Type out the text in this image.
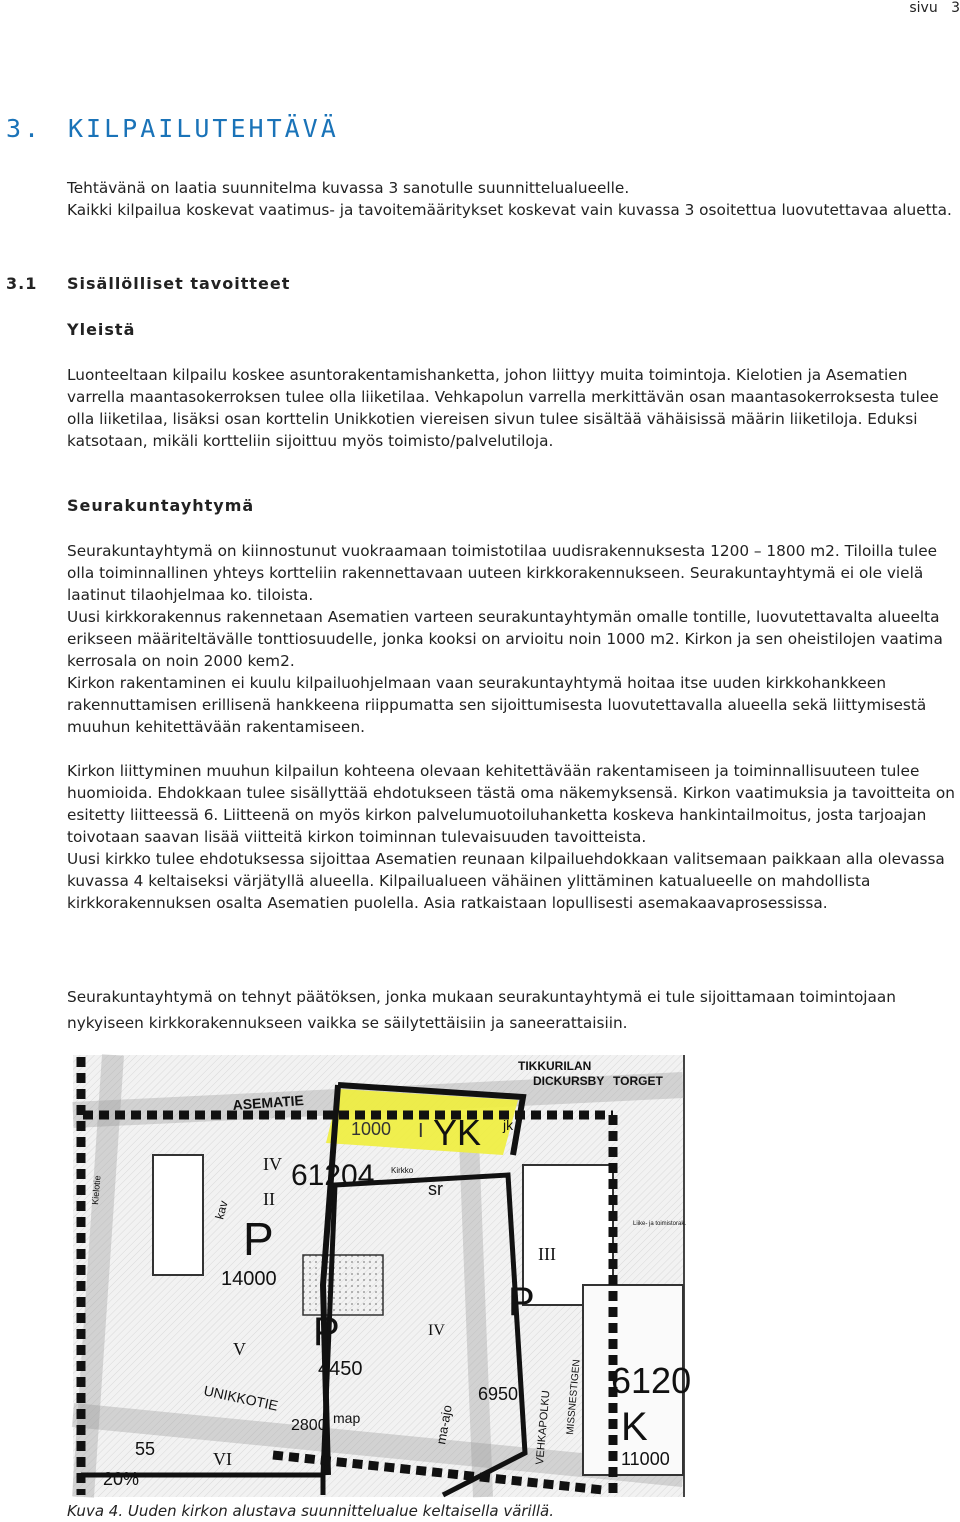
sivu 3
3. KILPAILUTEHTÄVÄ

Tehtävänä on laatia suunnitelma kuvassa 3 sanotulle suunnittelualueelle.

Kaikki kilpailua koskevat vaatimus- ja tavoitemääritykset koskevat vain kuvassa 3 osoitettua luovutettavaa aluetta.

3.1 Sisällölliset tavoitteet
Yleistä

Luonteeltaan kilpailu koskee asuntorakentamishanketta, johon liittyy muita toimintoja. Kielotien ja Asematien varrella maantasokerroksen tulee olla liiketilaa. Vehkapolun varrella merkittävän osan maantasokerroksesta tulee olla liiketilaa, lisäksi osan korttelin Unikkotien viereisen sivun tulee sisältää vähäisissä määrin liiketiloja. Eduksi katsotaan, mikäli kortteliin sijoittuu myös toimisto/palvelutiloja.

Seurakuntayhtymä

Seurakuntayhtymä on kiinnostunut vuokraamaan toimistotilaa uudisrakennuksesta 1200 – 1800 m2. Tiloilla tulee olla toiminnallinen yhteys kortteliin rakennettavaan uuteen kirkkorakennukseen. Seurakuntayhtymä ei ole vielä laatinut tilaohjelmaa ko. tiloista.

Uusi kirkkorakennus rakennetaan Asematien varteen seurakuntayhtymän omalle tontille, luovutettavalta alueelta erikseen määriteltävälle tonttiosuudelle, jonka kooksi on arvioitu noin 1000 m2. Kirkon ja sen oheistilojen vaatima kerrosala on noin 2000 kem2.

Kirkon rakentaminen ei kuulu kilpailuohjelmaan vaan seurakuntayhtymä hoitaa itse uuden kirkkohankkeen rakennuttamisen erillisenä hankkeena riippumatta sen sijoittumisesta luovutettavalla alueella sekä liittymisestä muuhun kehitettävään rakentamiseen.

Kirkon liittyminen muuhun kilpailun kohteena olevaan kehitettävään rakentamiseen ja toiminnallisuuteen tulee huomioida. Ehdokkaan tulee sisällyttää ehdotukseen tästä oma näkemyksensä. Kirkon vaatimuksia ja tavoitteita on esitetty liitteessä 6. Liitteenä on myös kirkon palvelumuotoiluhanketta koskeva hankintailmoitus, josta tarjoajan toivotaan saavan lisää viitteitä kirkon toiminnan tulevaisuuden tavoitteista.

Uusi kirkko tulee ehdotuksessa sijoittaa Asematien reunaan kilpailuehdokkaan valitsemaan paikkaan alla olevassa kuvassa 4 keltaiseksi värjätyllä alueella. Kilpailualueen vähäinen ylittäminen katualueelle on mahdollista kirkkorakennuksen osalta Asematien puolella. Asia ratkaistaan lopullisesti asemakaavaprosessissa.

Seurakuntayhtymä on tehnyt päätöksen, jonka mukaan seurakuntayhtymä ei tule sijoittamaan toimintojaan nykyiseen kirkkorakennukseen vaikka se säilytettäisiin ja saneerattaisiin.

ASEMATIE
TIKKURILAN
DICKURSBY TORGET
Kielotie
1000 I YK jk
61204 Kirkko
sr
P
14000
P
4450
2800
P
6950	6120
K
11000
II
III
IV
IV
V
VI
UNIKKOTIE
map	ma-ajo	VEHKAPOLKU MISSNESTIGEN
kav
20%
55
Liike- ja toimistorak.
Kuva 4. Uuden kirkon alustava suunnittelualue keltaisella värillä.
